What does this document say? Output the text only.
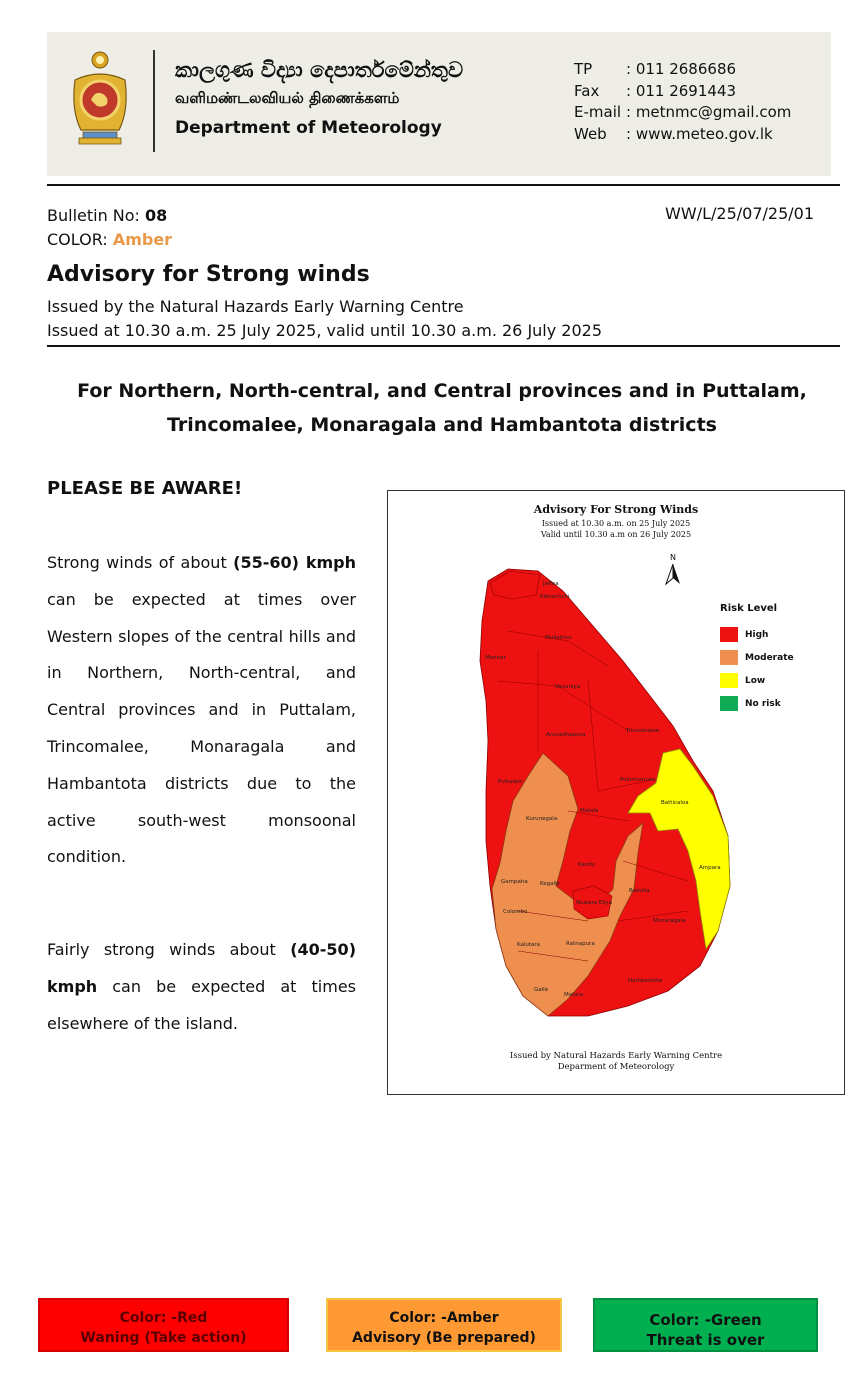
කාලගුණ විද්‍යා දෙපාර්තමේන්තුව
வளிமண்டலவியல் திணைக்களம்
Department of Meteorology
TP : 011 2686686
Fax : 011 2691443
E-mail : metnmc@gmail.com
Web : www.meteo.gov.lk
Bulletin No: 08
COLOR: Amber
WW/L/25/07/25/01
Advisory for Strong winds
Issued by the Natural Hazards Early Warning Centre
Issued at 10.30 a.m. 25 July 2025, valid until 10.30 a.m. 26 July 2025
For Northern, North-central, and Central provinces and in Puttalam,
Trincomalee, Monaragala and Hambantota districts
PLEASE BE AWARE!
Strong winds of about (55-60) kmph can be expected at times over Western slopes of the central hills and in Northern, North-central, and Central provinces and in Puttalam, Trincomalee, Monaragala and Hambantota districts due to the active south-west monsoonal condition.
Fairly strong winds about (40-50) kmph can be expected at times elsewhere of the island.
Advisory For Strong Winds
Issued at 10.30 a.m. on 25 July 2025
Valid until 10.30 a.m on 26 July 2025
N
Jaffna
Kilinochchi
Mannar
Mullaitivu
Vavuniya
Anuradhapura
Trincomalee
Puttalam	Polonnaruwa
Batticaloa
Kurunegala
Matale
Kandy	Ampara
Gampaha Kegalle
Badulla
Colombo
Nuwara Eliya
Monaragala
Kalutara	Ratnapura
Galle
Matara
Hambantota
Risk Level
High
Moderate
Low
No risk
Issued by Natural Hazards Early Warning Centre
Deparment of Meteorology
Color: -Red
Waning (Take action)
Color: -Amber
Advisory (Be prepared)
Color: -Green
Threat is over
